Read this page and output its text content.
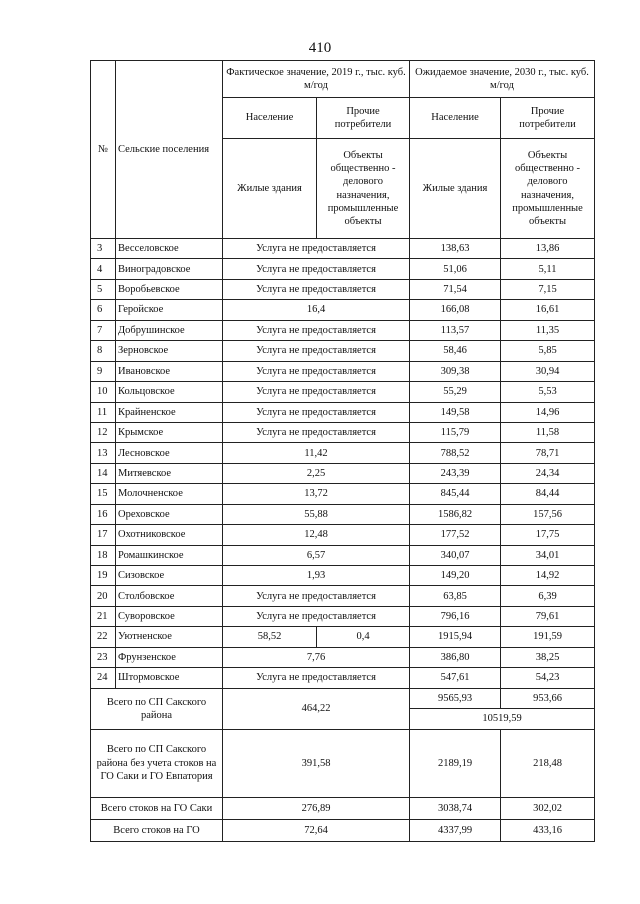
410
№	Сельские поселения	Фактическое значение, 2019 г., тыс. куб. м/год		Ожидаемое значение, 2030 г., тыс. куб. м/год	
		Население	Прочие потребители	Население	Прочие потребители
		Жилые здания	Объекты общественно - делового назначения, промышленные объекты	Жилые здания	Объекты общественно - делового назначения, промышленные объекты
3	Весселовское	Услуга не предоставляется		138,63	13,86
4	Виноградовское	Услуга не предоставляется		51,06	5,11
5	Воробьевское	Услуга не предоставляется		71,54	7,15
6	Геройское	16,4		166,08	16,61
7	Добрушинское	Услуга не предоставляется		113,57	11,35
8	Зерновское	Услуга не предоставляется		58,46	5,85
9	Ивановское	Услуга не предоставляется		309,38	30,94
10	Кольцовское	Услуга не предоставляется		55,29	5,53
11	Крайненское	Услуга не предоставляется		149,58	14,96
12	Крымское	Услуга не предоставляется		115,79	11,58
13	Лесновское	11,42		788,52	78,71
14	Митяевское	2,25		243,39	24,34
15	Молочненское	13,72		845,44	84,44
16	Ореховское	55,88		1586,82	157,56
17	Охотниковское	12,48		177,52	17,75
18	Ромашкинское	6,57		340,07	34,01
19	Сизовское	1,93		149,20	14,92
20	Столбовское	Услуга не предоставляется		63,85	6,39
21	Суворовское	Услуга не предоставляется		796,16	79,61
22	Уютненское	58,52	0,4	1915,94	191,59
23	Фрунзенское	7,76		386,80	38,25
24	Штормовское	Услуга не предоставляется		547,61	54,23
Всего по СП Сакского района		464,22		9565,93	953,66
				10519,59	
Всего по СП Сакского района без учета стоков на ГО Саки и ГО Евпатория		391,58		2189,19	218,48
Всего стоков на ГО Саки		276,89		3038,74	302,02
Всего стоков на ГО		72,64		4337,99	433,16
